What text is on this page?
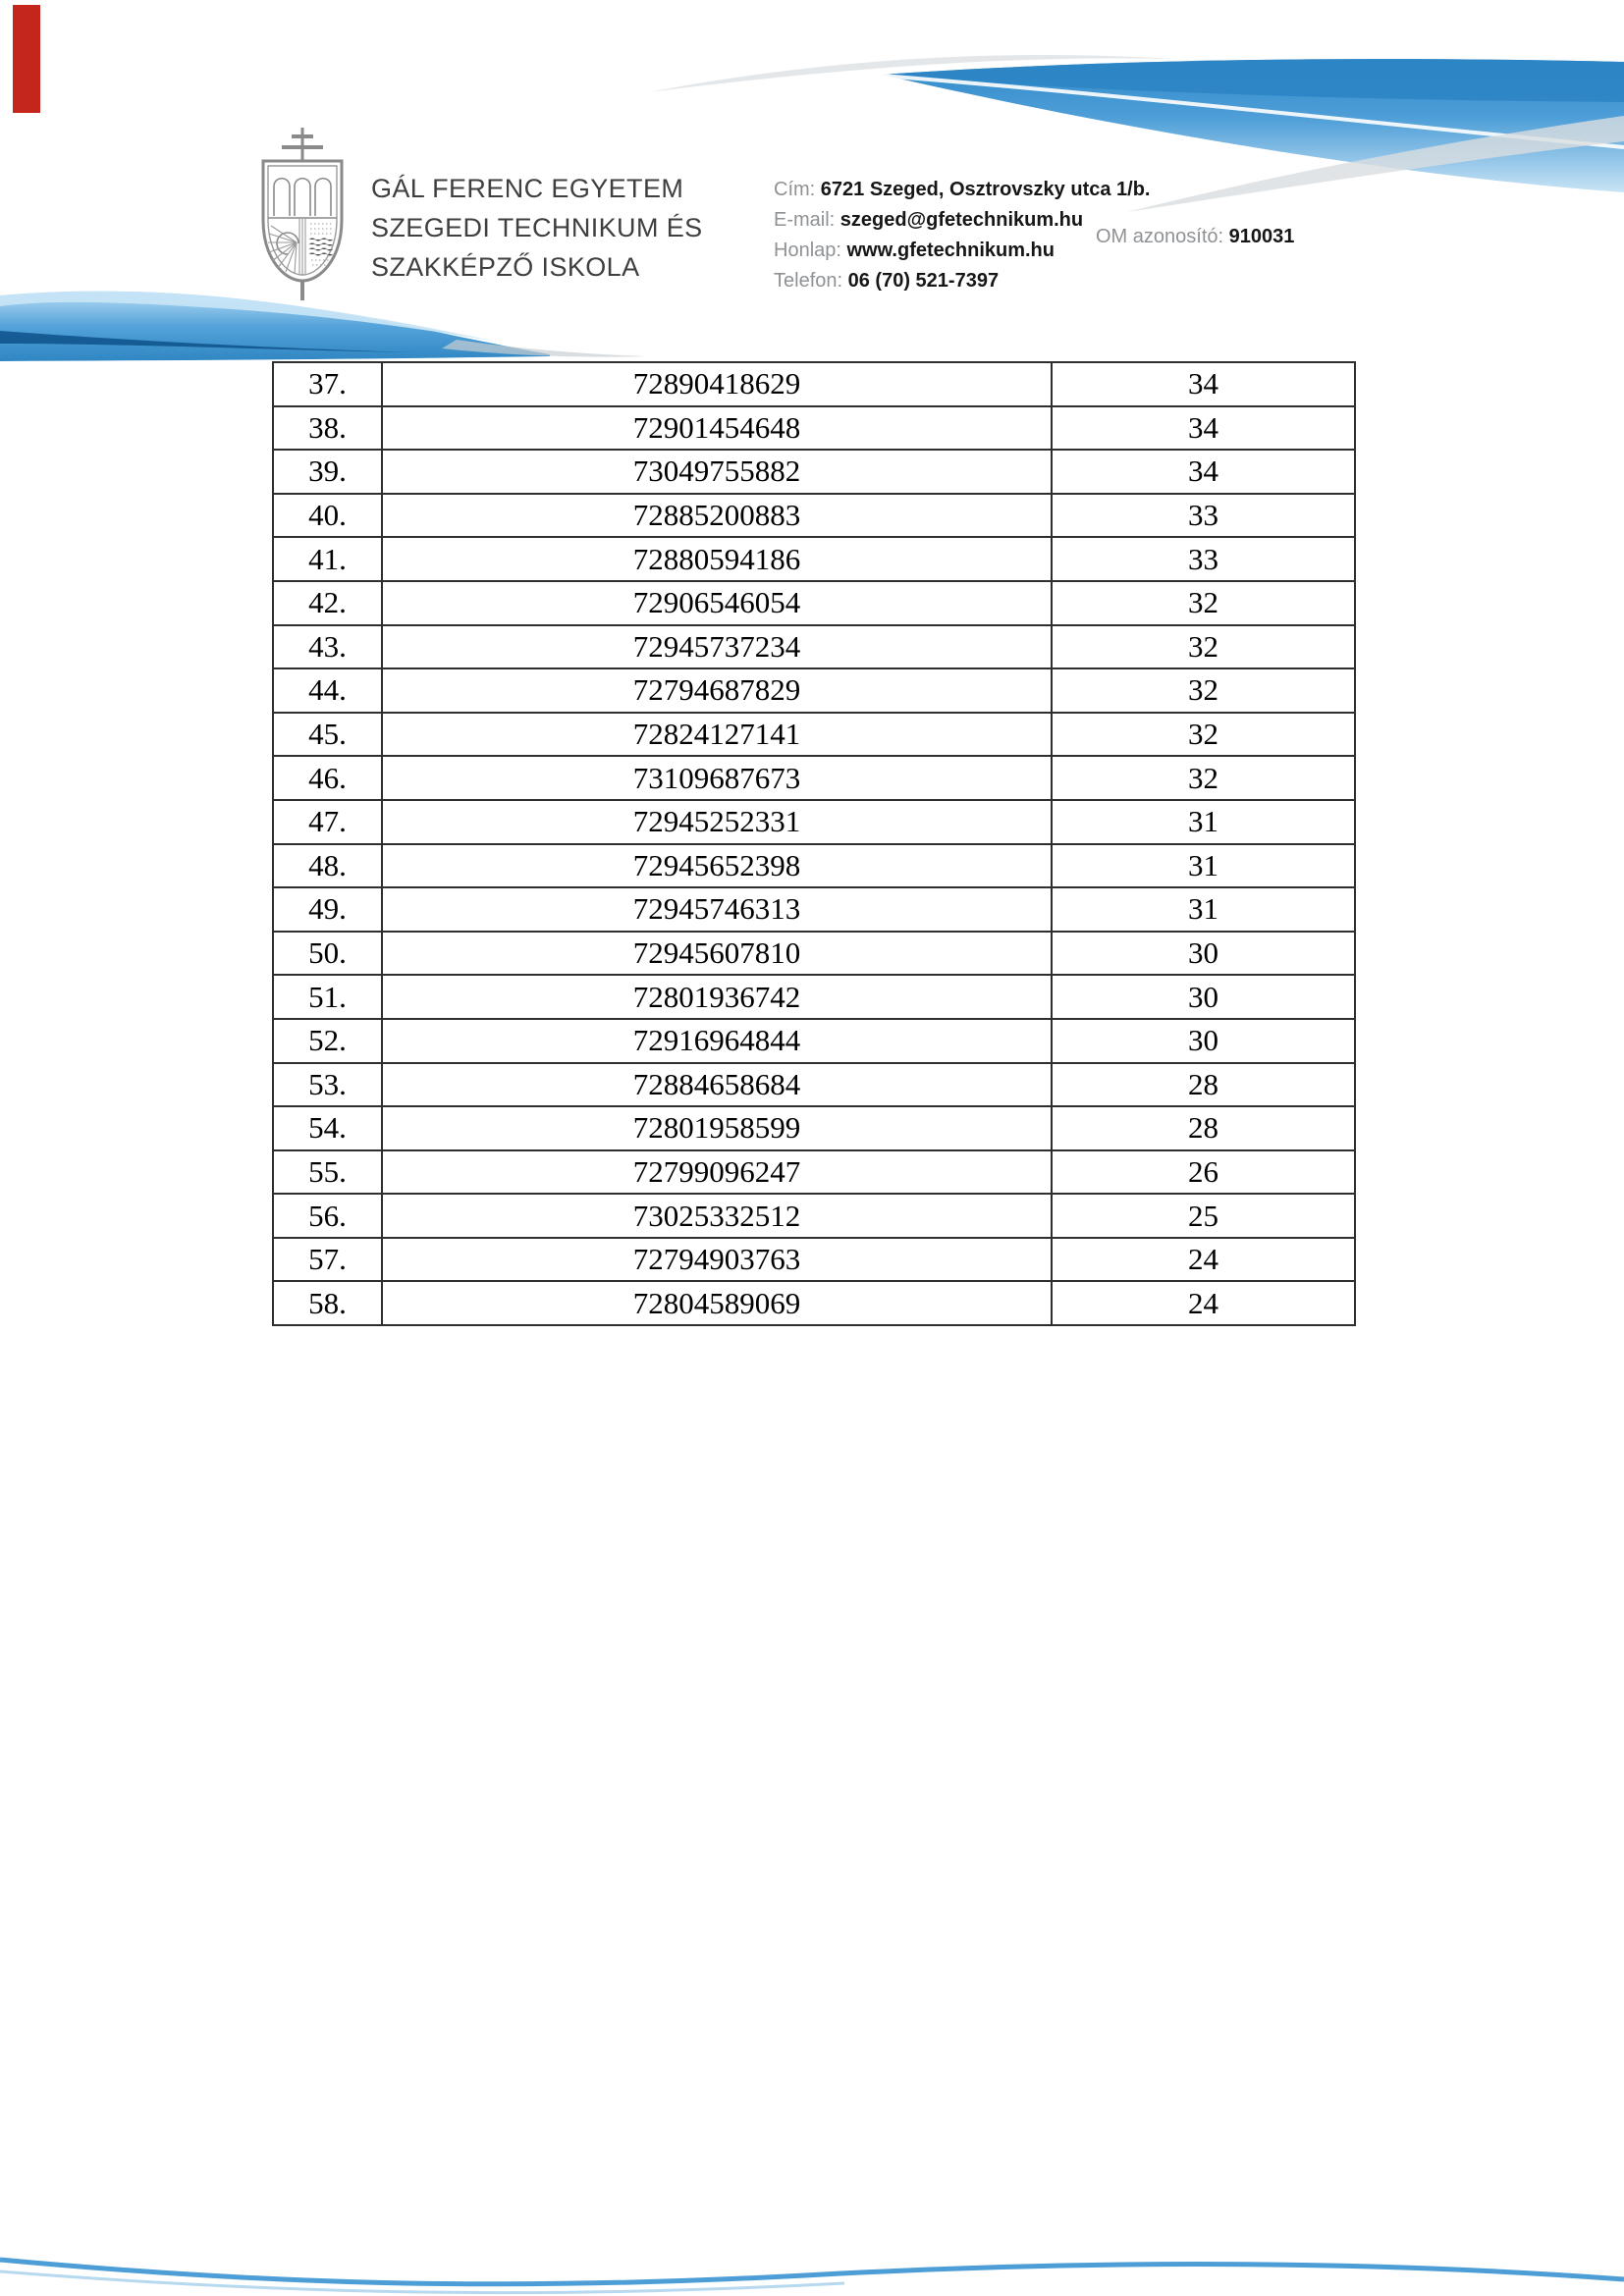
GÁL FERENC EGYETEM
SZEGEDI TECHNIKUM ÉS
SZAKKÉPZŐ ISKOLA
Cím: 6721 Szeged, Osztrovszky utca 1/b.
E-mail: szeged@gfetechnikum.hu
Honlap: www.gfetechnikum.hu
Telefon: 06 (70) 521-7397
OM azonosító: 910031
37.	72890418629	34
38.	72901454648	34
39.	73049755882	34
40.	72885200883	33
41.	72880594186	33
42.	72906546054	32
43.	72945737234	32
44.	72794687829	32
45.	72824127141	32
46.	73109687673	32
47.	72945252331	31
48.	72945652398	31
49.	72945746313	31
50.	72945607810	30
51.	72801936742	30
52.	72916964844	30
53.	72884658684	28
54.	72801958599	28
55.	72799096247	26
56.	73025332512	25
57.	72794903763	24
58.	72804589069	24
